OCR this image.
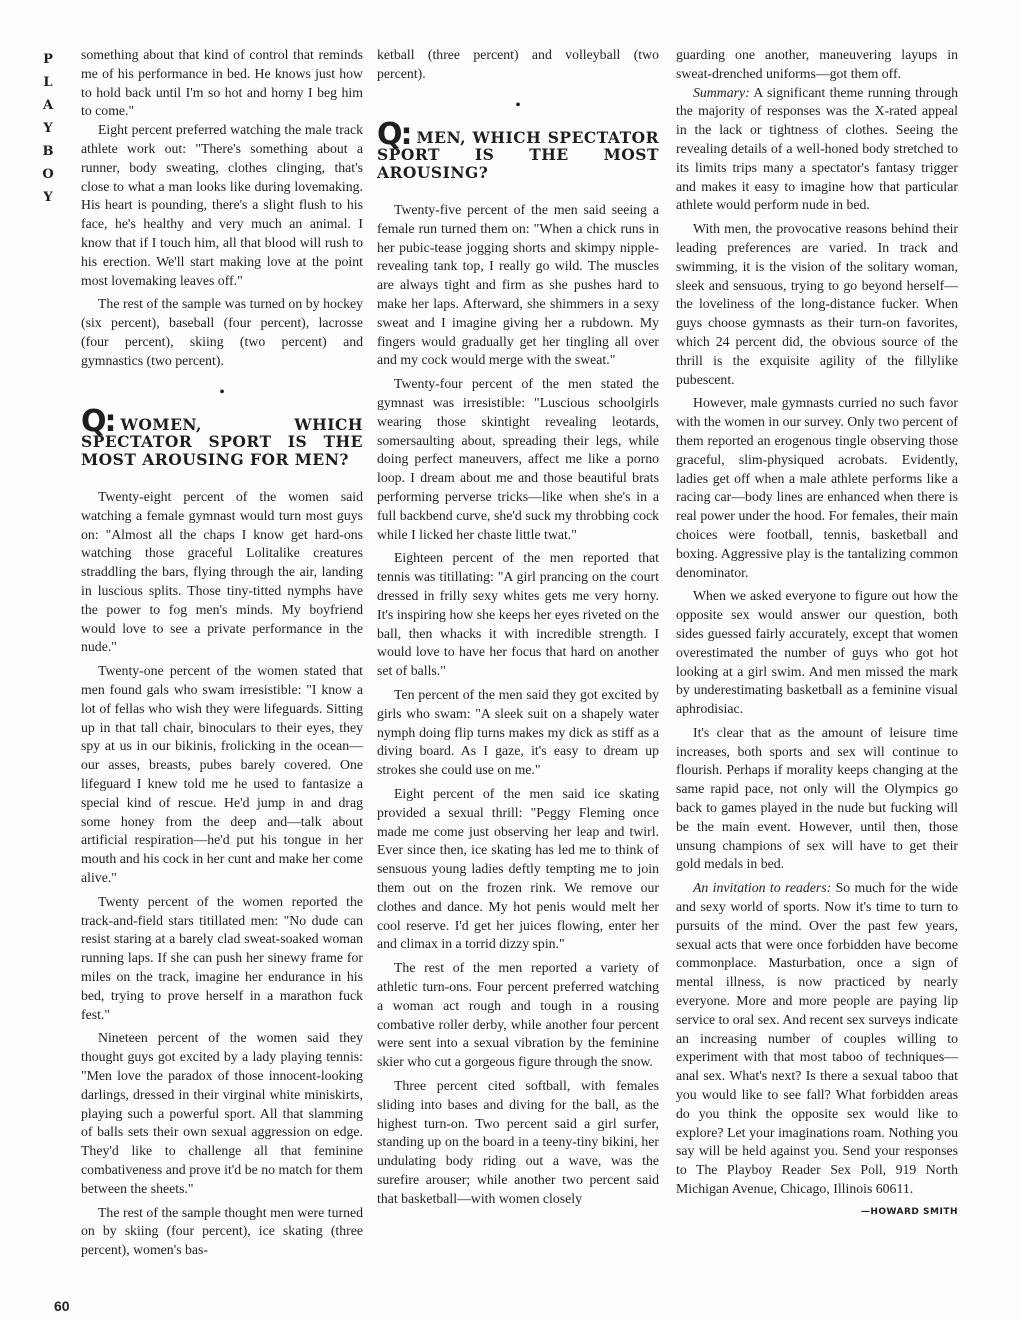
P
L
A
Y
B
O
Y
60

something about that kind of control that reminds me of his performance in bed. He knows just how to hold back until I'm so hot and horny I beg him to come."

Eight percent preferred watching the male track athlete work out: "There's something about a runner, body sweating, clothes clinging, that's close to what a man looks like during lovemaking. His heart is pounding, there's a slight flush to his face, he's healthy and very much an animal. I know that if I touch him, all that blood will rush to his erection. We'll start making love at the point most lovemaking leaves off."

The rest of the sample was turned on by hockey (six percent), baseball (four percent), lacrosse (four percent), skiing (two percent) and gymnastics (two percent).

•
Q: WOMEN, WHICH SPECTATOR SPORT IS THE MOST AROUSING FOR MEN?

Twenty-eight percent of the women said watching a female gymnast would turn most guys on: "Almost all the chaps I know get hard-ons watching those graceful Lolitalike creatures straddling the bars, flying through the air, landing in luscious splits. Those tiny-titted nymphs have the power to fog men's minds. My boyfriend would love to see a private performance in the nude."

Twenty-one percent of the women stated that men found gals who swam irresistible: "I know a lot of fellas who wish they were lifeguards. Sitting up in that tall chair, binoculars to their eyes, they spy at us in our bikinis, frolicking in the ocean—our asses, breasts, pubes barely covered. One lifeguard I knew told me he used to fantasize a special kind of rescue. He'd jump in and drag some honey from the deep and—talk about artificial respiration—he'd put his tongue in her mouth and his cock in her cunt and make her come alive."

Twenty percent of the women reported the track-and-field stars titillated men: "No dude can resist staring at a barely clad sweat-soaked woman running laps. If she can push her sinewy frame for miles on the track, imagine her endurance in his bed, trying to prove herself in a marathon fuck fest."

Nineteen percent of the women said they thought guys got excited by a lady playing tennis: "Men love the paradox of those innocent-looking darlings, dressed in their virginal white miniskirts, playing such a powerful sport. All that slamming of balls sets their own sexual aggression on edge. They'd like to challenge all that feminine combativeness and prove it'd be no match for them between the sheets."

The rest of the sample thought men were turned on by skiing (four percent), ice skating (three percent), women's bas-

ketball (three percent) and volleyball (two percent).

•
Q: MEN, WHICH SPECTATOR SPORT IS THE MOST AROUSING?

Twenty-five percent of the men said seeing a female run turned them on: "When a chick runs in her pubic-tease jogging shorts and skimpy nipple-revealing tank top, I really go wild. The muscles are always tight and firm as she pushes hard to make her laps. Afterward, she shimmers in a sexy sweat and I imagine giving her a rubdown. My fingers would gradually get her tingling all over and my cock would merge with the sweat."

Twenty-four percent of the men stated the gymnast was irresistible: "Luscious schoolgirls wearing those skintight revealing leotards, somersaulting about, spreading their legs, while doing perfect maneuvers, affect me like a porno loop. I dream about me and those beautiful brats performing perverse tricks—like when she's in a full backbend curve, she'd suck my throbbing cock while I licked her chaste little twat."

Eighteen percent of the men reported that tennis was titillating: "A girl prancing on the court dressed in frilly sexy whites gets me very horny. It's inspiring how she keeps her eyes riveted on the ball, then whacks it with incredible strength. I would love to have her focus that hard on another set of balls."

Ten percent of the men said they got excited by girls who swam: "A sleek suit on a shapely water nymph doing flip turns makes my dick as stiff as a diving board. As I gaze, it's easy to dream up strokes she could use on me."

Eight percent of the men said ice skating provided a sexual thrill: "Peggy Fleming once made me come just observing her leap and twirl. Ever since then, ice skating has led me to think of sensuous young ladies deftly tempting me to join them out on the frozen rink. We remove our clothes and dance. My hot penis would melt her cool reserve. I'd get her juices flowing, enter her and climax in a torrid dizzy spin."

The rest of the men reported a variety of athletic turn-ons. Four percent preferred watching a woman act rough and tough in a rousing combative roller derby, while another four percent were sent into a sexual vibration by the feminine skier who cut a gorgeous figure through the snow.

Three percent cited softball, with females sliding into bases and diving for the ball, as the highest turn-on. Two percent said a girl surfer, standing up on the board in a teeny-tiny bikini, her undulating body riding out a wave, was the surefire arouser; while another two percent said that basketball—with women closely

guarding one another, maneuvering layups in sweat-drenched uniforms—got them off.

Summary: A significant theme running through the majority of responses was the X-rated appeal in the lack or tightness of clothes. Seeing the revealing details of a well-honed body stretched to its limits trips many a spectator's fantasy trigger and makes it easy to imagine how that particular athlete would perform nude in bed.

With men, the provocative reasons behind their leading preferences are varied. In track and swimming, it is the vision of the solitary woman, sleek and sensuous, trying to go beyond herself—the loveliness of the long-distance fucker. When guys choose gymnasts as their turn-on favorites, which 24 percent did, the obvious source of the thrill is the exquisite agility of the fillylike pubescent.

However, male gymnasts curried no such favor with the women in our survey. Only two percent of them reported an erogenous tingle observing those graceful, slim-physiqued acrobats. Evidently, ladies get off when a male athlete performs like a racing car—body lines are enhanced when there is real power under the hood. For females, their main choices were football, tennis, basketball and boxing. Aggressive play is the tantalizing common denominator.

When we asked everyone to figure out how the opposite sex would answer our question, both sides guessed fairly accurately, except that women overestimated the number of guys who got hot looking at a girl swim. And men missed the mark by underestimating basketball as a feminine visual aphrodisiac.

It's clear that as the amount of leisure time increases, both sports and sex will continue to flourish. Perhaps if morality keeps changing at the same rapid pace, not only will the Olympics go back to games played in the nude but fucking will be the main event. However, until then, those unsung champions of sex will have to get their gold medals in bed.

An invitation to readers: So much for the wide and sexy world of sports. Now it's time to turn to pursuits of the mind. Over the past few years, sexual acts that were once forbidden have become commonplace. Masturbation, once a sign of mental illness, is now practiced by nearly everyone. More and more people are paying lip service to oral sex. And recent sex surveys indicate an increasing number of couples willing to experiment with that most taboo of techniques—anal sex. What's next? Is there a sexual taboo that you would like to see fall? What forbidden areas do you think the opposite sex would like to explore? Let your imaginations roam. Nothing you say will be held against you. Send your responses to The Playboy Reader Sex Poll, 919 North Michigan Avenue, Chicago, Illinois 60611.
—HOWARD SMITH
